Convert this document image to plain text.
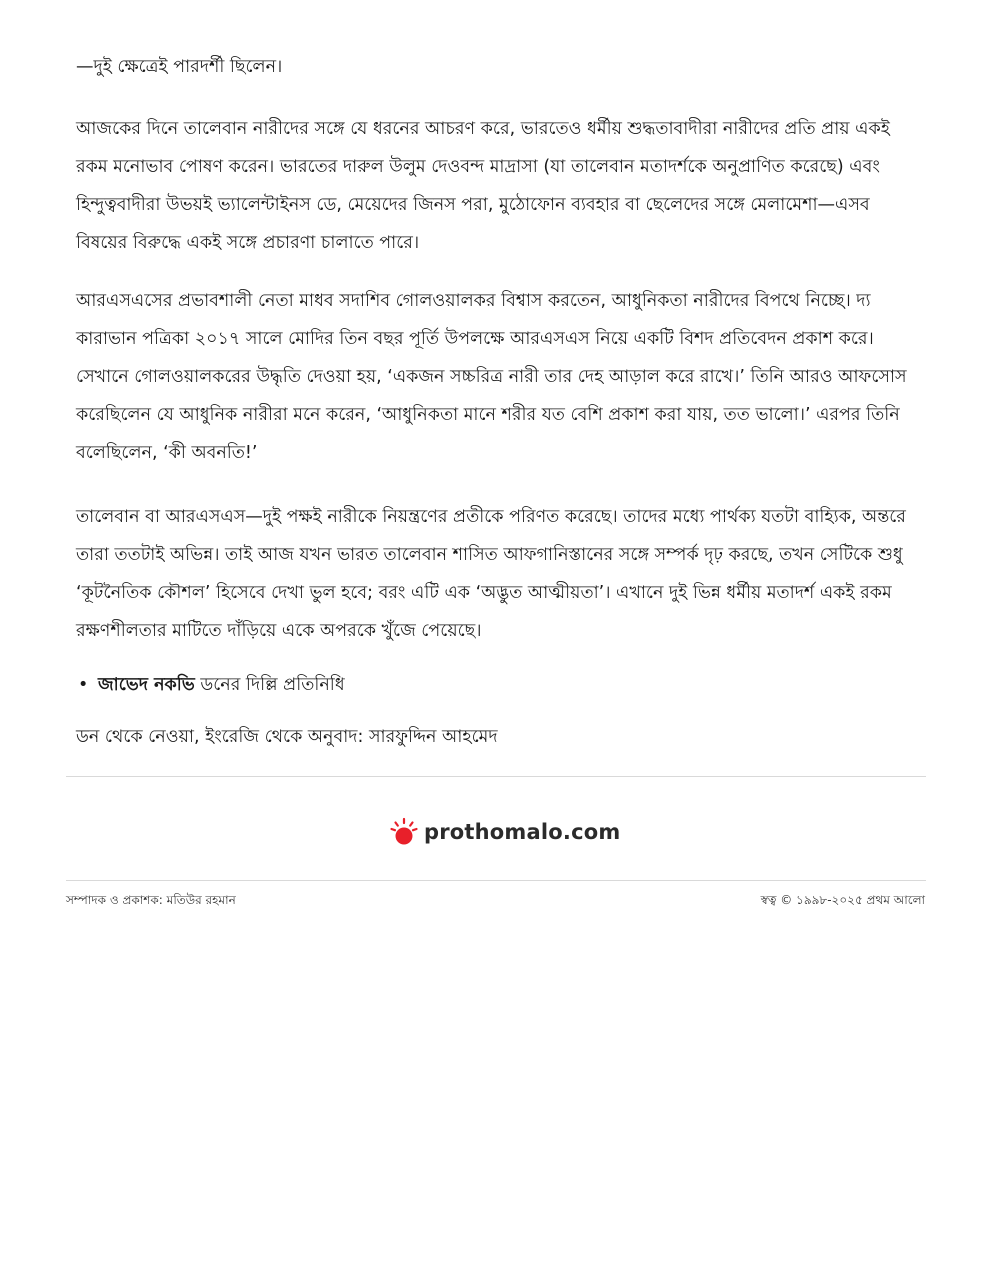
—দুই ক্ষেত্রেই পারদর্শী ছিলেন।

আজকের দিনে তালেবান নারীদের সঙ্গে যে ধরনের আচরণ করে, ভারতেও ধর্মীয় শুদ্ধতাবাদীরা নারীদের প্রতি প্রায় একই রকম মনোভাব পোষণ করেন। ভারতের দারুল উলুম দেওবন্দ মাদ্রাসা (যা তালেবান মতাদর্শকে অনুপ্রাণিত করেছে) এবং হিন্দুত্ববাদীরা উভয়ই ভ্যালেন্টাইনস ডে, মেয়েদের জিনস পরা, মুঠোফোন ব্যবহার বা ছেলেদের সঙ্গে মেলামেশা—এসব বিষয়ের বিরুদ্ধে একই সঙ্গে প্রচারণা চালাতে পারে।

আরএসএসের প্রভাবশালী নেতা মাধব সদাশিব গোলওয়ালকর বিশ্বাস করতেন, আধুনিকতা নারীদের বিপথে নিচ্ছে। দ্য কারাভান পত্রিকা ২০১৭ সালে মোদির তিন বছর পূর্তি উপলক্ষে আরএসএস নিয়ে একটি বিশদ প্রতিবেদন প্রকাশ করে। সেখানে গোলওয়ালকরের উদ্ধৃতি দেওয়া হয়, ‘একজন সচ্চরিত্র নারী তার দেহ আড়াল করে রাখে।’ তিনি আরও আফসোস করেছিলেন যে আধুনিক নারীরা মনে করেন, ‘আধুনিকতা মানে শরীর যত বেশি প্রকাশ করা যায়, তত ভালো।’ এরপর তিনি বলেছিলেন, ‘কী অবনতি!’

তালেবান বা আরএসএস—দুই পক্ষই নারীকে নিয়ন্ত্রণের প্রতীকে পরিণত করেছে। তাদের মধ্যে পার্থক্য যতটা বাহ্যিক, অন্তরে তারা ততটাই অভিন্ন। তাই আজ যখন ভারত তালেবান শাসিত আফগানিস্তানের সঙ্গে সম্পর্ক দৃঢ় করছে, তখন সেটিকে শুধু ‘কূটনৈতিক কৌশল’ হিসেবে দেখা ভুল হবে; বরং এটি এক ‘অদ্ভুত আত্মীয়তা’। এখানে দুই ভিন্ন ধর্মীয় মতাদর্শ একই রকম রক্ষণশীলতার মাটিতে দাঁড়িয়ে একে অপরকে খুঁজে পেয়েছে।

• জাভেদ নকভি ডনের দিল্লি প্রতিনিধি

ডন থেকে নেওয়া, ইংরেজি থেকে অনুবাদ: সারফুদ্দিন আহমেদ

prothomalo.com
সম্পাদক ও প্রকাশক: মতিউর রহমান	স্বত্ব © ১৯৯৮-২০২৫ প্রথম আলো
